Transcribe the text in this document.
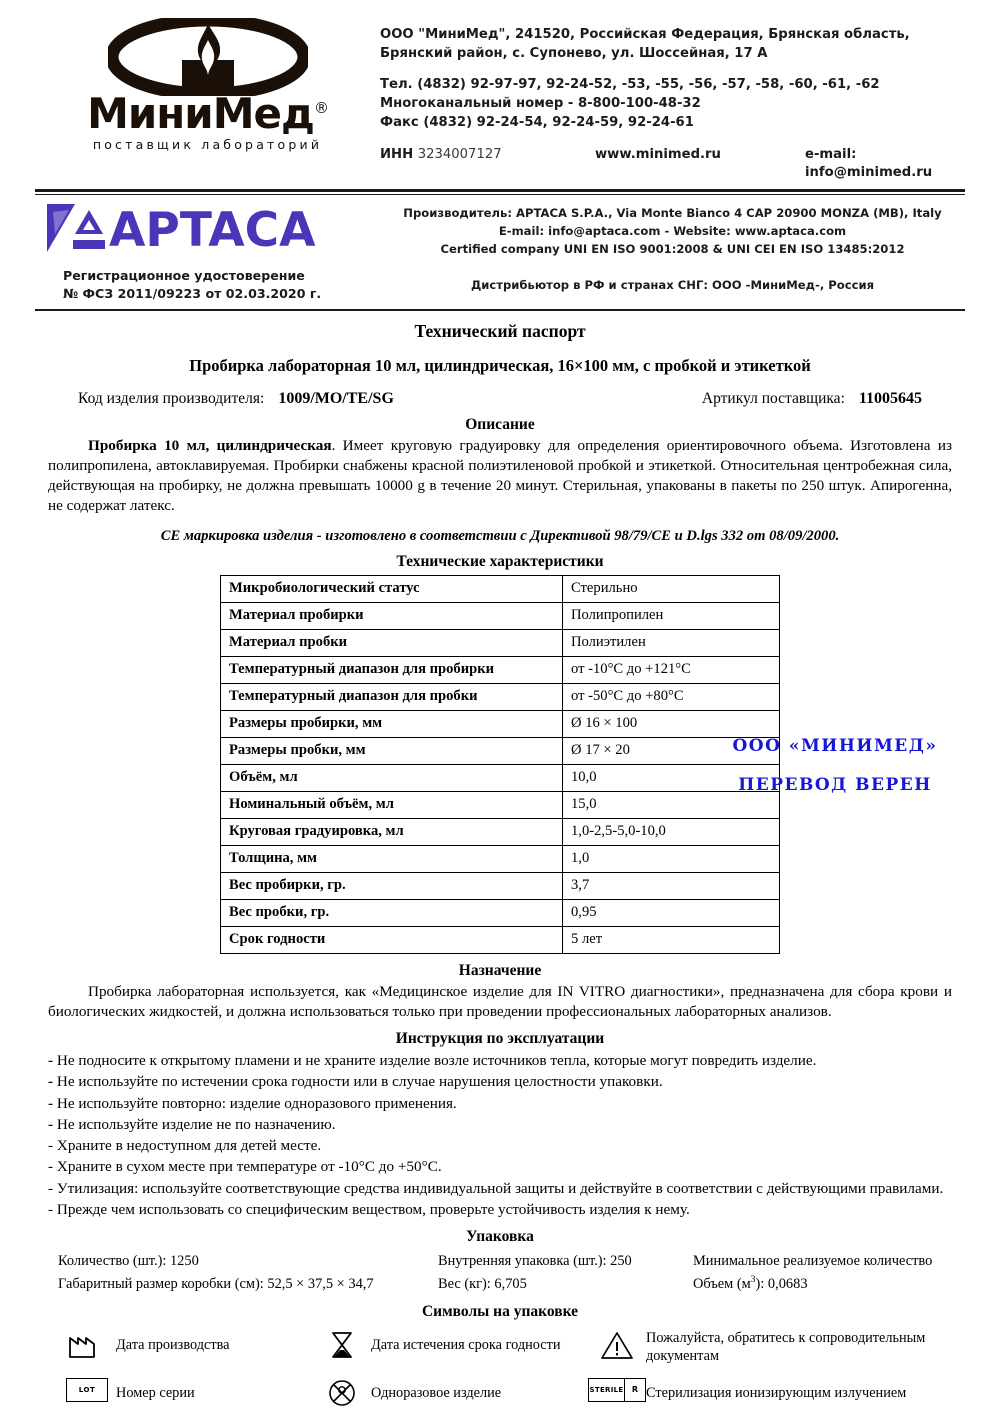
МиниМед®
поставщик лабораторий
ООО "МиниМед", 241520, Российская Федерация, Брянская область,
Брянский район, с. Супонево, ул. Шоссейная, 17 А
Тел. (4832) 92-97-97, 92-24-52, -53, -55, -56, -57, -58, -60, -61, -62
Многоканальный номер - 8-800-100-48-32
Факс (4832) 92-24-54, 92-24-59, 92-24-61
ИНН 3234007127	www.minimed.ru	e-mail: info@minimed.ru
APTACA
Регистрационное удостоверение
№ ФСЗ 2011/09223 от 02.03.2020 г.
Производитель: APTACA S.P.A., Via Monte Bianco 4 CAP 20900 MONZA (MB), Italy
E-mail: info@aptaca.com - Website: www.aptaca.com
Certified company UNI EN ISO 9001:2008 & UNI CEI EN ISO 13485:2012
Дистрибьютор в РФ и странах СНГ: ООО -МиниМед-, Россия
Технический паспорт
Пробирка лабораторная 10 мл, цилиндрическая, 16×100 мм, с пробкой и этикеткой
Код изделия производителя: 1009/MO/TE/SG	Артикул поставщика: 11005645
Описание

Пробирка 10 мл, цилиндрическая. Имеет круговую градуировку для определения ориентировочного объема. Изготовлена из полипропилена, автоклавируемая. Пробирки снабжены красной полиэтиленовой пробкой и этикеткой. Относительная центробежная сила, действующая на пробирку, не должна превышать 10000 g в течение 20 минут. Стерильная, упакованы в пакеты по 250 штук. Апирогенна, не содержат латекс.

CE маркировка изделия - изготовлено в соответствии с Директивой 98/79/CE и D.lgs 332 от 08/09/2000.

Технические характеристики
Микробиологический статус	Стерильно
Материал пробирки	Полипропилен
Материал пробки	Полиэтилен
Температурный диапазон для пробирки	от -10°C до +121°C
Температурный диапазон для пробки	от -50°C до +80°C
Размеры пробирки, мм	Ø 16 × 100
Размеры пробки, мм	Ø 17 × 20
Объём, мл	10,0
Номинальный объём, мл	15,0
Круговая градуировка, мл	1,0-2,5-5,0-10,0
Толщина, мм	1,0
Вес пробирки, гр.	3,7
Вес пробки, гр.	0,95
Срок годности	5 лет
ООО «МИНИМЕД»
ПЕРЕВОД ВЕРЕН
Назначение

Пробирка лабораторная используется, как «Медицинское изделие для IN VITRO диагностики», предназначена для сбора крови и биологических жидкостей, и должна использоваться только при проведении профессиональных лабораторных анализов.

Инструкция по эксплуатации
- Не подносите к открытому пламени и не храните изделие возле источников тепла, которые могут повредить изделие.
- Не используйте по истечении срока годности или в случае нарушения целостности упаковки.
- Не используйте повторно: изделие одноразового применения.
- Не используйте изделие не по назначению.
- Храните в недоступном для детей месте.
- Храните в сухом месте при температуре от -10°C до +50°C.
- Утилизация: используйте соответствующие средства индивидуальной защиты и действуйте в соответствии с действующими правилами.
- Прежде чем использовать со специфическим веществом, проверьте устойчивость изделия к нему.
Упаковка
Количество (шт.): 1250
Габаритный размер коробки (см): 52,5 × 37,5 × 34,7
Внутренняя упаковка (шт.): 250
Вес (кг): 6,705
Минимальное реализуемое количество
Объем $(м^3)$: 0,0683
Символы на упаковке
Дата производства
LOT	Номер серии
Дата истечения срока годности
Одноразовое изделие
Пожалуйста, обратитесь к сопроводительным документам
STERILE	R Стерилизация ионизирующим излучением
